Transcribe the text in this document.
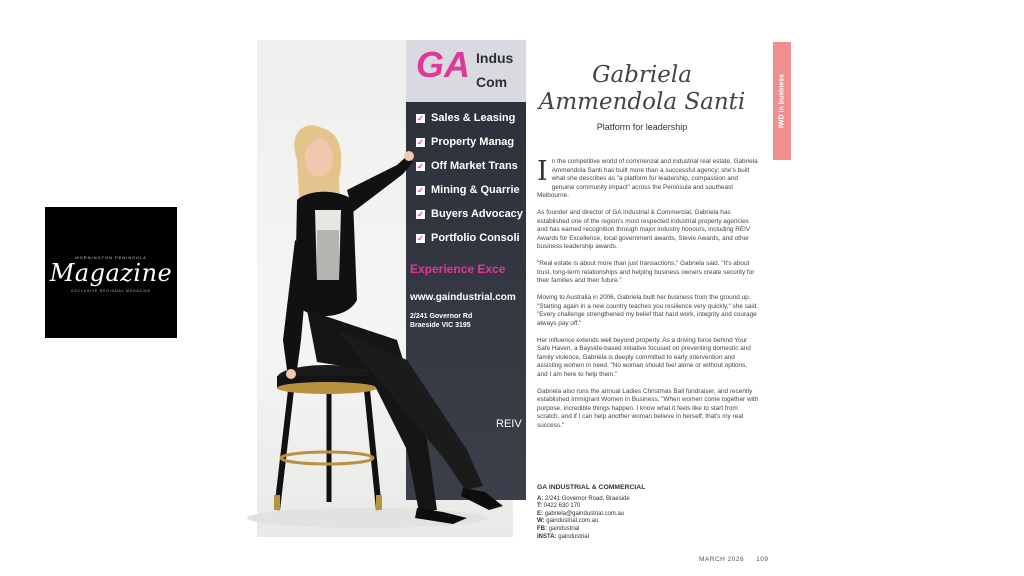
MORNINGTON PENINSULA
Magazine
EXCLUSIVE REGIONAL MAGAZINE
GA Indus
Com
✓ Sales & Leasing
✓ Property Manag
✓ Off Market Trans
✓ Mining & Quarrie
✓ Buyers Advocacy
✓ Portfolio Consoli
Experience Exce
www.gaindustrial.com
2/241 Governor Rd
Braeside VIC 3195
REIV
IWD in business
Gabriela
Ammendola Santi
Platform for leadership

In the competitive world of commercial and industrial real estate, Gabriela Ammendola Santi has built more than a successful agency; she's built what she describes as "a platform for leadership, compassion and genuine community impact" across the Peninsula and southeast Melbourne.

As founder and director of GA Industrial & Commercial, Gabriela has established one of the region's most respected industrial property agencies and has earned recognition through major industry honours, including REIV Awards for Excellence, local government awards, Stevie Awards, and other business leadership awards.

"Real estate is about more than just transactions," Gabriela said. "It's about trust, long-term relationships and helping business owners create security for their families and their future."

Moving to Australia in 2006, Gabriela built her business from the ground up. "Starting again in a new country teaches you resilience very quickly," she said. "Every challenge strengthened my belief that hard work, integrity and courage always pay off."

Her influence extends well beyond property. As a driving force behind Your Safe Haven, a Bayside-based initiative focused on preventing domestic and family violence, Gabriela is deeply committed to early intervention and assisting women in need. "No woman should feel alone or without options, and I am here to help them."

Gabriela also runs the annual Ladies Christmas Ball fundraiser, and recently established Immigrant Women in Business. "When women come together with purpose, incredible things happen. I know what it feels like to start from scratch, and if I can help another woman believe in herself, that's my real success."

GA INDUSTRIAL & COMMERCIAL
A: 2/241 Governor Road, Braeside
T: 0422 630 170
E: gabriela@gaindustrial.com.au
W: gaindustrial.com.au
FB: gaindustrial
INSTA: gaindustrial
MARCH 2026 109
